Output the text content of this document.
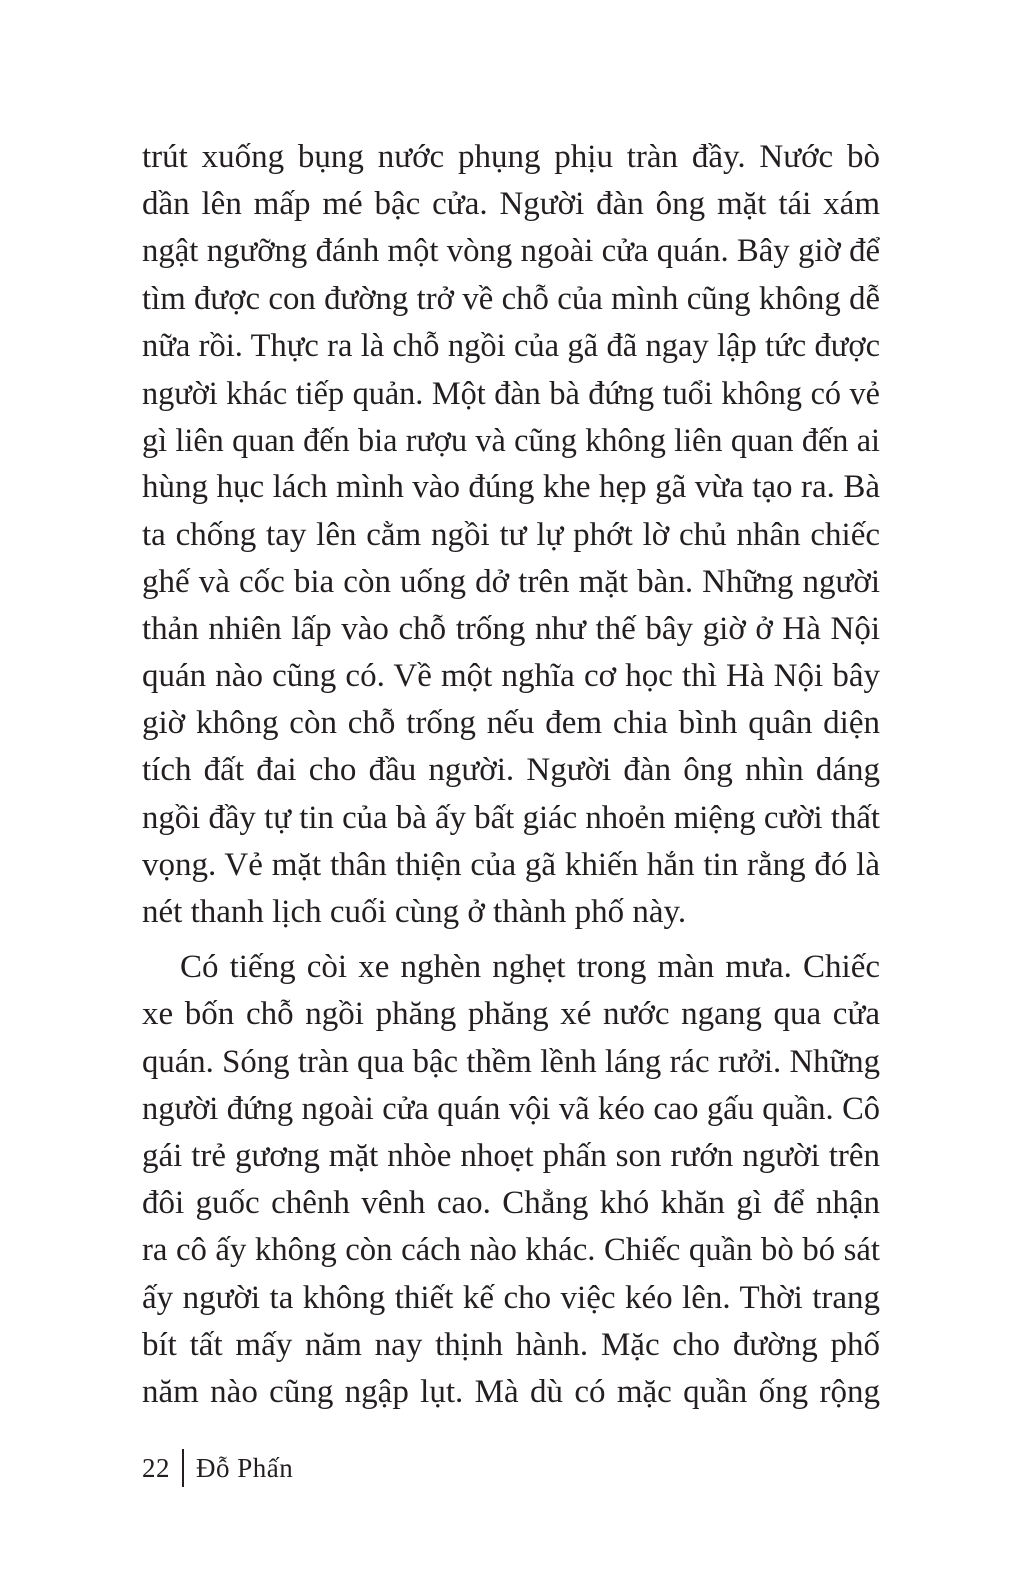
trút xuống bụng nước phụng phịu tràn đầy. Nước bò
dần lên mấp mé bậc cửa. Người đàn ông mặt tái xám
ngật ngưỡng đánh một vòng ngoài cửa quán. Bây giờ để
tìm được con đường trở về chỗ của mình cũng không dễ
nữa rồi. Thực ra là chỗ ngồi của gã đã ngay lập tức được
người khác tiếp quản. Một đàn bà đứng tuổi không có vẻ
gì liên quan đến bia rượu và cũng không liên quan đến ai
hùng hục lách mình vào đúng khe hẹp gã vừa tạo ra. Bà
ta chống tay lên cằm ngồi tư lự phớt lờ chủ nhân chiếc
ghế và cốc bia còn uống dở trên mặt bàn. Những người
thản nhiên lấp vào chỗ trống như thế bây giờ ở Hà Nội
quán nào cũng có. Về một nghĩa cơ học thì Hà Nội bây
giờ không còn chỗ trống nếu đem chia bình quân diện
tích đất đai cho đầu người. Người đàn ông nhìn dáng
ngồi đầy tự tin của bà ấy bất giác nhoẻn miệng cười thất
vọng. Vẻ mặt thân thiện của gã khiến hắn tin rằng đó là
nét thanh lịch cuối cùng ở thành phố này.
Có tiếng còi xe nghèn nghẹt trong màn mưa. Chiếc
xe bốn chỗ ngồi phăng phăng xé nước ngang qua cửa
quán. Sóng tràn qua bậc thềm lềnh láng rác rưởi. Những
người đứng ngoài cửa quán vội vã kéo cao gấu quần. Cô
gái trẻ gương mặt nhòe nhoẹt phấn son rướn người trên
đôi guốc chênh vênh cao. Chẳng khó khăn gì để nhận
ra cô ấy không còn cách nào khác. Chiếc quần bò bó sát
ấy người ta không thiết kế cho việc kéo lên. Thời trang
bít tất mấy năm nay thịnh hành. Mặc cho đường phố
năm nào cũng ngập lụt. Mà dù có mặc quần ống rộng
22 Đỗ Phấn
